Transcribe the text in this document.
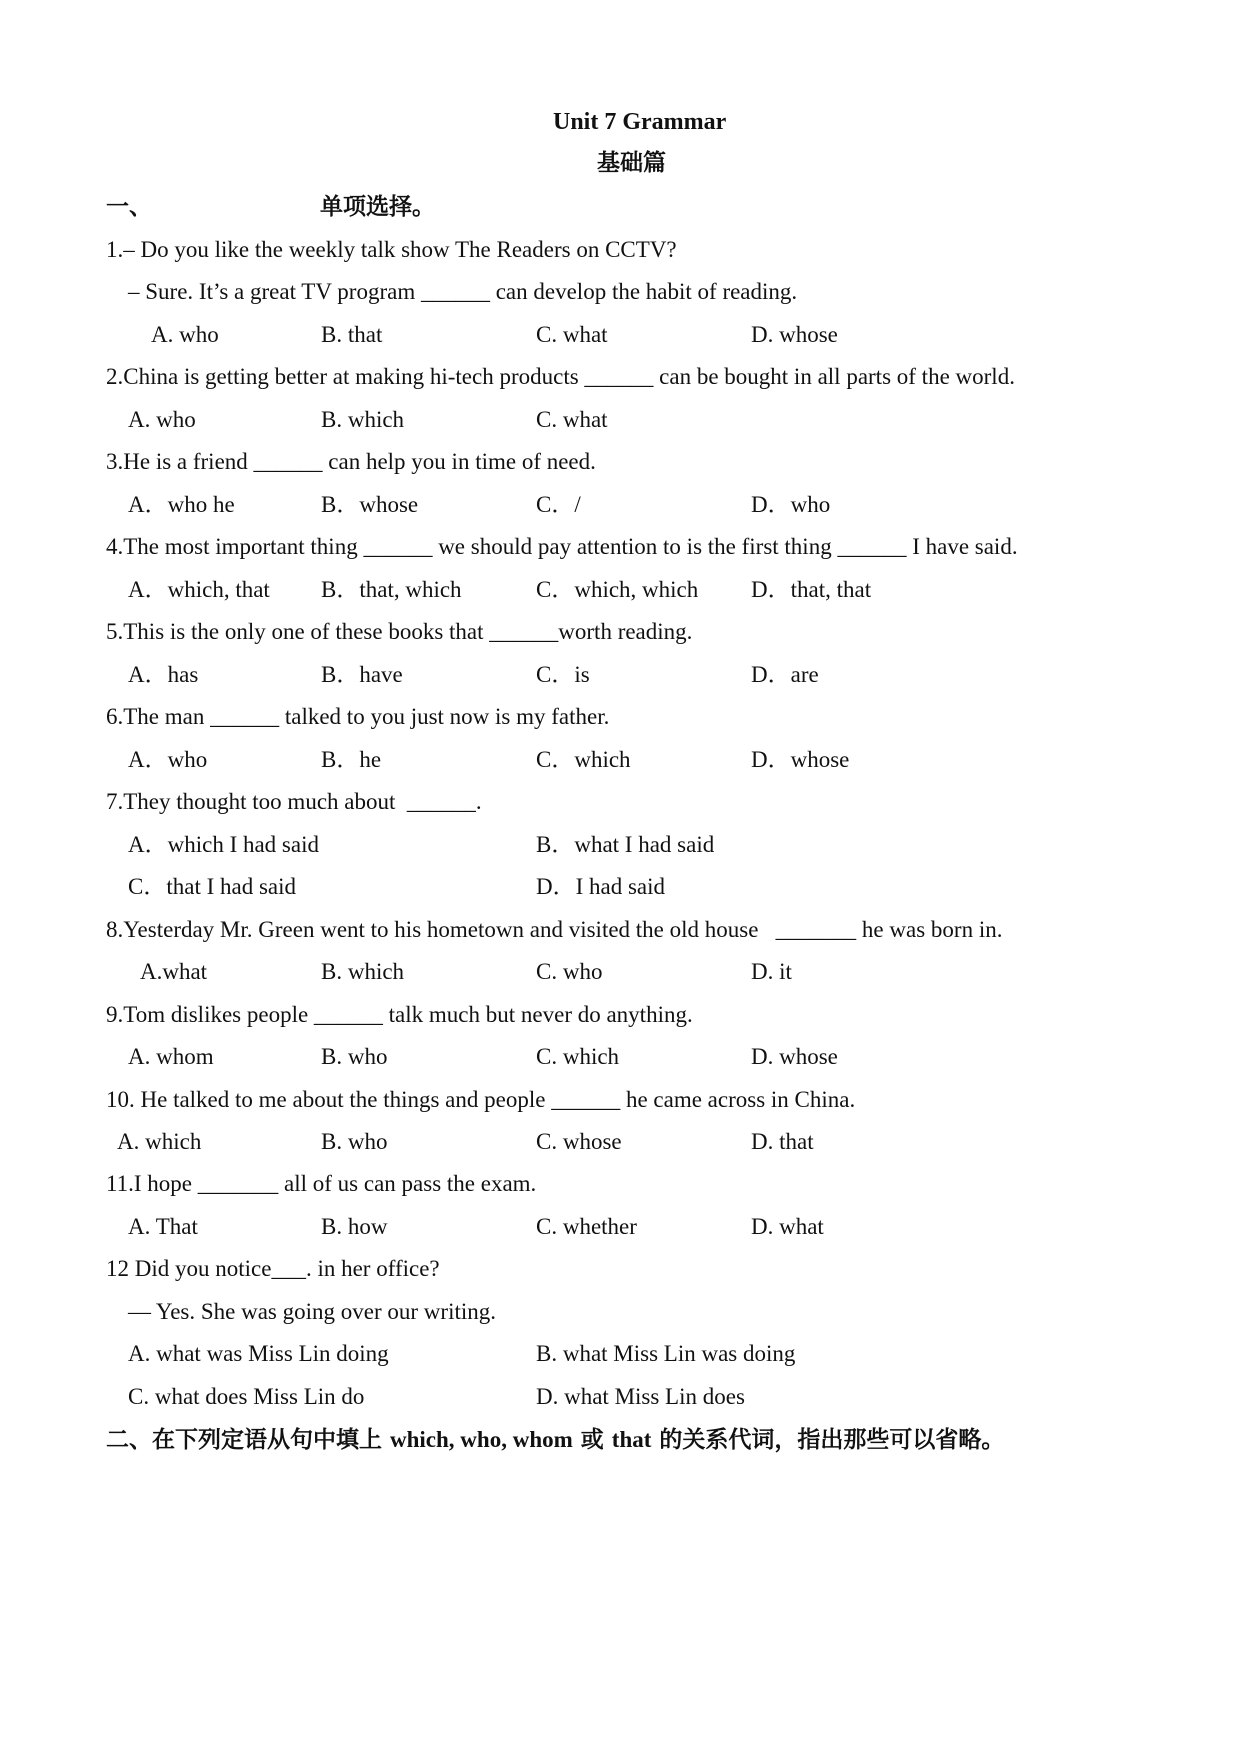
Unit 7 Grammar
基础篇
一、	单项选择。
1.– Do you like the weekly talk show The Readers on CCTV?
– Sure. It’s a great TV program ______ can develop the habit of reading.
A. who	B. that	C. what	D. whose
2.China is getting better at making hi-tech products ______ can be bought in all parts of the world.
A. who	B. which	C. what
3.He is a friend ______ can help you in time of need.
A．who he	B．whose	C．/	D．who
4.The most important thing ______ we should pay attention to is the first thing ______ I have said.
A．which, that B．that, which	C．which, which D．that, that
5.This is the only one of these books that ______worth reading.
A．has	B．have	C．is	D．are
6.The man ______ talked to you just now is my father.
A．who	B．he	C．which	D．whose
7.They thought too much about  ______.
A．which I had said	B．what I had said
C．that I had said	D．I had said
8.Yesterday Mr. Green went to his hometown and visited the old house   _______ he was born in.
A.what	B. which	C. who	D. it
9.Tom dislikes people ______ talk much but never do anything.
A. whom	B. who	C. which	D. whose
10. He talked to me about the things and people ______ he came across in China.
A. which	B. who	C. whose	D. that
11.I hope _______ all of us can pass the exam.
A. That	B. how	C. whether	D. what
12 Did you notice___. in her office?
— Yes. She was going over our writing.
A. what was Miss Lin doing	B. what Miss Lin was doing
C. what does Miss Lin do	D. what Miss Lin does
二、在下列定语从句中填上 which, who, whom 或 that 的关系代词，指出那些可以省略。
